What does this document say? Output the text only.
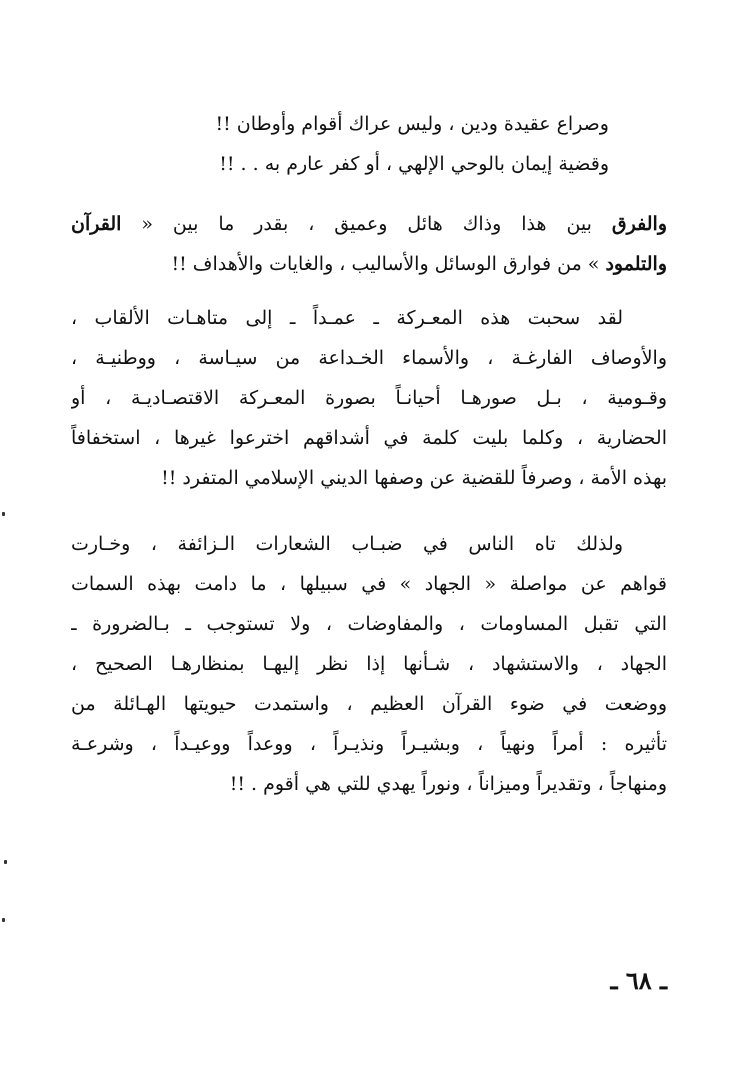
وصراع عقيدة ودين ، وليس عراك أقوام وأوطان !!
وقضية إيمان بالوحي الإلهي ، أو كفر عارم به . . !!
والفرق بين هذا وذاك هائل وعميق ، بقدر ما بين « القرآن
والتلمود » من فوارق الوسائل والأساليب ، والغايات والأهداف !!
لقد سحبت هذه المعـركة ـ عمـداً ـ إلى متاهـات الألقاب ،
والأوصاف الفارغـة ، والأسماء الخـداعة من سيـاسة ، ووطنيـة ،
وقـومية ، بـل صورهـا أحيانـاً بصورة المعـركة الاقتصـاديـة ، أو
الحضارية ، وكلما بليت كلمة في أشداقهم اخترعوا غيرها ، استخفافاً
بهذه الأمة ، وصرفاً للقضية عن وصفها الديني الإسلامي المتفرد !!
ولذلك تاه الناس في ضبـاب الشعارات الـزائفة ، وخـارت
قواهم عن مواصلة « الجهاد » في سبيلها ، ما دامت بهذه السمات
التي تقبل المساومات ، والمفاوضات ، ولا تستوجب ـ بـالضرورة ـ
الجهاد ، والاستشهاد ، شـأنها إذا نظر إليهـا بمنظارهـا الصحيح ،
ووضعت في ضوء القرآن العظيم ، واستمدت حيويتها الهـائلة من
تأثيره : أمراً ونهياً ، وبشيـراً ونذيـراً ، ووعداً ووعيـداً ، وشرعـة
ومنهاجاً ، وتقديراً وميزاناً ، ونوراً يهدي للتي هي أقوم . !!
ـ ٦٨ ـ
